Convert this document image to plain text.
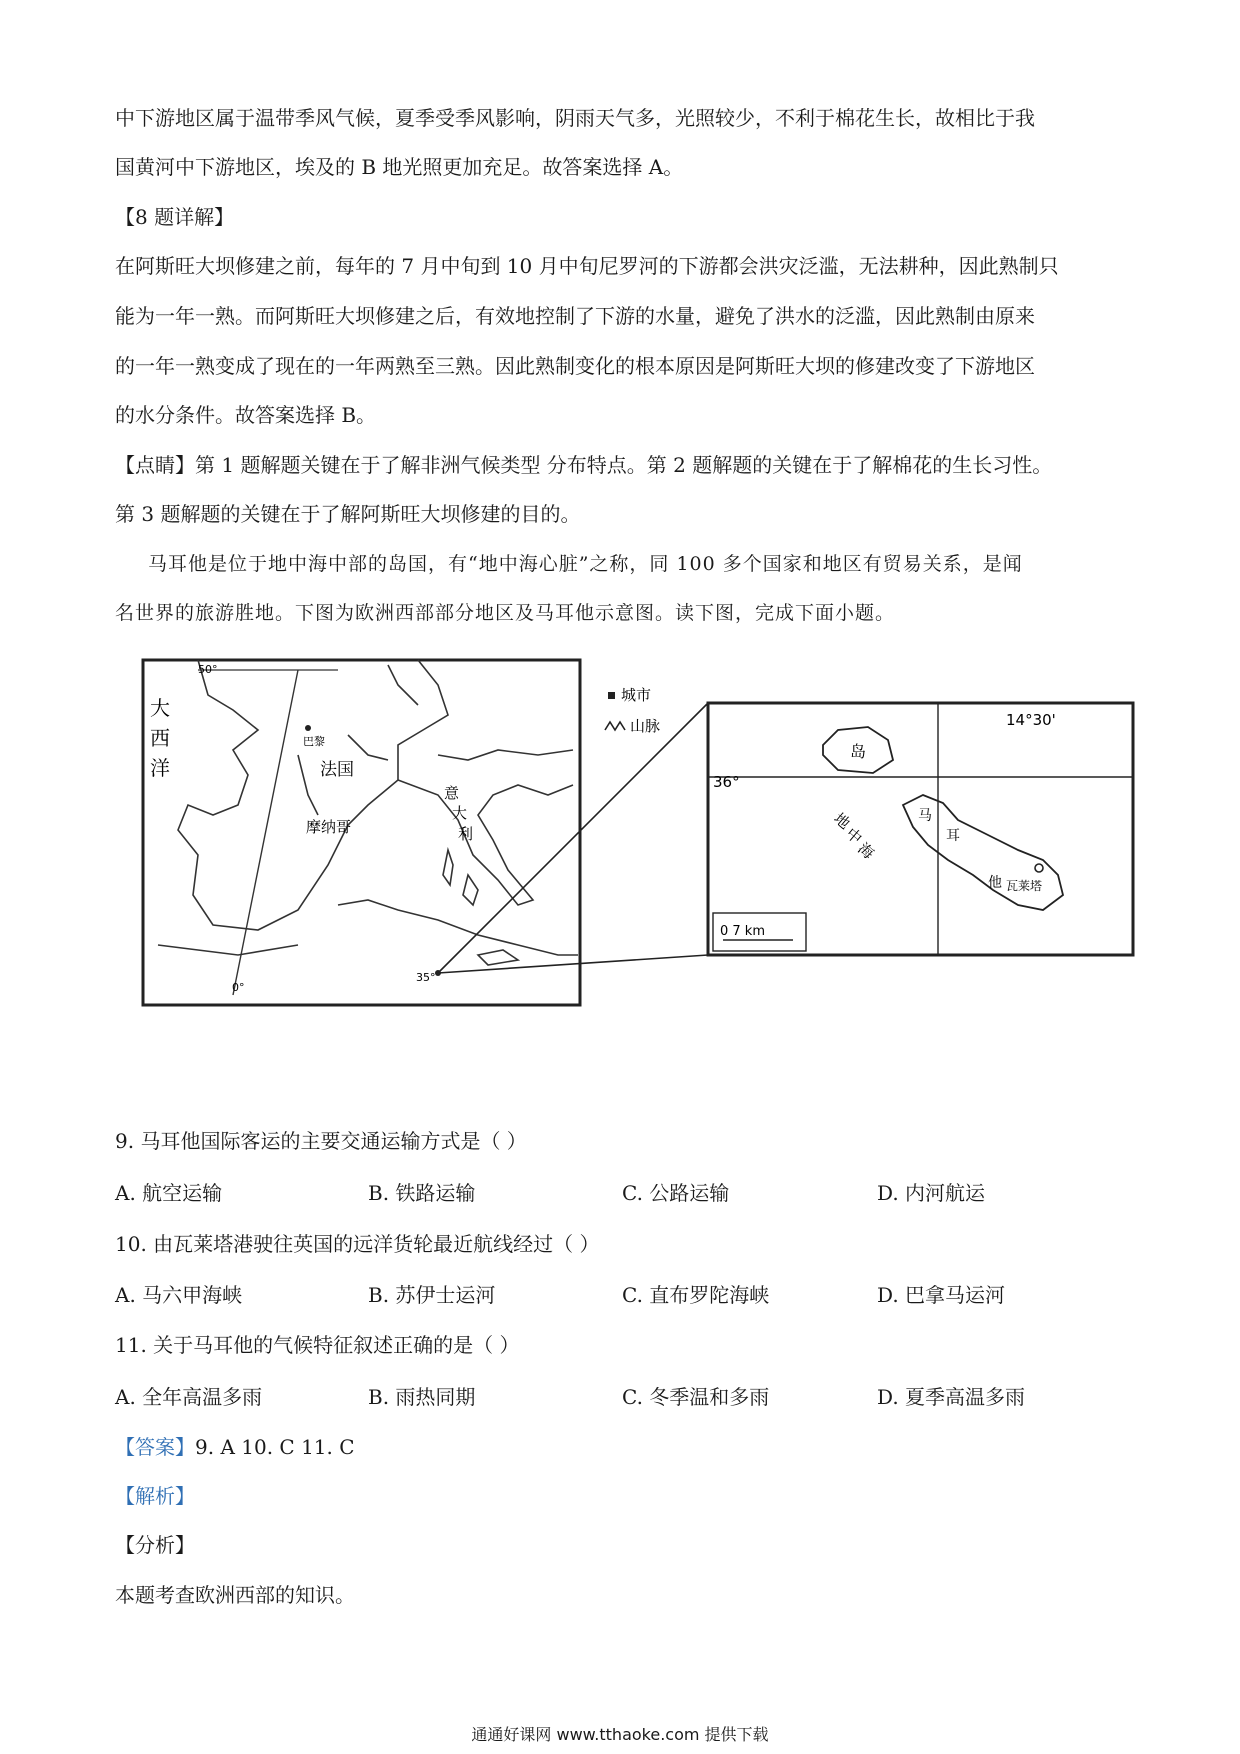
中下游地区属于温带季风气候，夏季受季风影响，阴雨天气多，光照较少，不利于棉花生长，故相比于我
国黄河中下游地区，埃及的 B 地光照更加充足。故答案选择 A。
【8 题详解】
在阿斯旺大坝修建之前，每年的 7 月中旬到 10 月中旬尼罗河的下游都会洪灾泛滥，无法耕种，因此熟制只
能为一年一熟。而阿斯旺大坝修建之后，有效地控制了下游的水量，避免了洪水的泛滥，因此熟制由原来
的一年一熟变成了现在的一年两熟至三熟。因此熟制变化的根本原因是阿斯旺大坝的修建改变了下游地区
的水分条件。故答案选择 B。
【点睛】第 1 题解题关键在于了解非洲气候类型 分布特点。第 2 题解题的关键在于了解棉花的生长习性。
第 3 题解题的关键在于了解阿斯旺大坝修建的目的。
马耳他是位于地中海中部的岛国，有“地中海心脏”之称，同 100 多个国家和地区有贸易关系，是闻
名世界的旅游胜地。下图为欧洲西部部分地区及马耳他示意图。读下图，完成下面小题。
大
西
洋
50°
巴黎
法国
摩纳哥
意
大
利
0°
35°
城市
山脉	14°30'
36°
岛
地
中
海
马
耳
他 瓦莱塔
0 7 km
9. 马耳他国际客运的主要交通运输方式是（ ）
A. 航空运输	B. 铁路运输	C. 公路运输	D. 内河航运
10. 由瓦莱塔港驶往英国的远洋货轮最近航线经过（ ）
A. 马六甲海峡	B. 苏伊士运河	C. 直布罗陀海峡	D. 巴拿马运河
11. 关于马耳他的气候特征叙述正确的是（ ）
A. 全年高温多雨	B. 雨热同期	C. 冬季温和多雨	D. 夏季高温多雨
【答案】9. A 10. C 11. C
【解析】
【分析】
本题考查欧洲西部的知识。
通通好课网 www.tthaoke.com 提供下载
